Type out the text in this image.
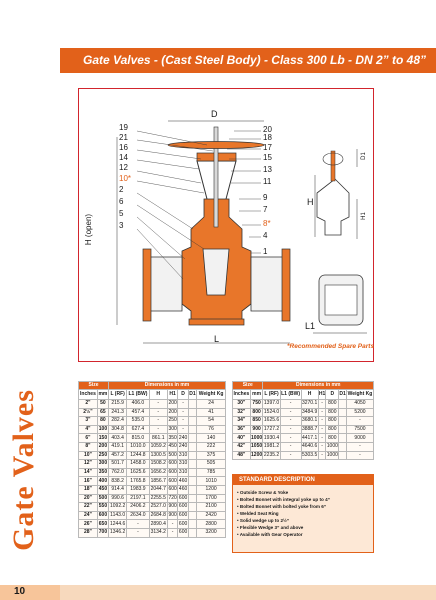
Gate Valves
10
Gate Valves - (Cast Steel Body) - Class 300 Lb - DN 2” to 48”
19
21
16
14
12
10*
2
6
5
3
20
18
17
15
13
11
9
7
8*
4
1
D
H (open)
L
H
D1
H1
L1
*Recommended Spare Parts
Size		Dimensions in mm						
Inches	mm	L (RF)	L1 (BW)	H	H1	D	D1	Weight Kg
2"	50	215.9	406.0	-	200	-		24
2½"	65	241.3	457.4	-	200	-		41
3"	80	282.4	535.0	-	250	-		54
4"	100	304.8	627.4	-	300	-		76
6"	150	403.4	815.0	861.1	350	240		140
8"	200	419.1	1010.0	1059.2	450	240		222
10"	250	457.2	1244.8	1300.5	500	310		375
12"	300	501.7	1458.0	1508.2	600	310		505
14"	350	762.0	1625.6	1656.2	600	310		785
16"	400	838.2	1765.8	1856.7	600	460		1010
18"	450	914.4	1983.9	2044.7	600	460		1200
20"	500	990.6	2197.1	2255.5	720	600		1700
22"	550	1092.2	2406.2	2527.0	900	600		2100
24"	600	1143.0	2634.0	2684.8	900	600		2420
26"	650	1244.6	-	2890.4	-	600		2800
28"	700	1346.2	-	3134.2	-	600		3200
Size		Dimensions in mm						
Inches	mm	L (RF)	L1 (BW)	H	H1	D	D1	Weight Kg
30"	750	1397.0	-	3270.1	-	800		4050
32"	800	1524.0	-	3484.9	-	800		5200
34"	850	1625.6	-	3680.1	-	800		-
36"	900	1727.2	-	3888.7	-	800		7500
40"	1000	1930.4	-	4417.1	-	800		9000
42"	1050	1981.2	-	4640.6	-	1000		-
48"	1200	2235.2	-	5303.5	-	1000		-
STANDARD DESCRIPTION
• Outside Screw & Yoke
• Bolted Bonnet with integral yoke up to 4”
• Bolted Bonnet with bolted yoke from 6”
• Welded Seat Ring
• Solid wedge up to 2½”
• Flexible Wedge 3” and above
• Available with Gear Operator
